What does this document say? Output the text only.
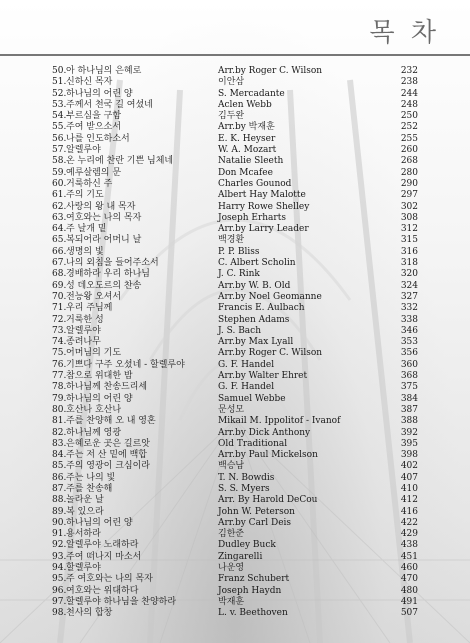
목 차
50. 아 하나님의 은혜로	Arr.by Roger C. Wilson	232
51. 신하신 목자	이안삼	238
52. 하나님의 어린 양	S. Mercadante	244
53. 주께서 천국 길 여셨네	Aclen Webb	248
54. 부르심을 구함	김두완	250
55. 주여 받으소서	Arr.by 박재훈	252
56. 나를 인도하소서	E. K. Heyser	255
57. 알렐루야	W. A. Mozart	260
58. 온 누리에 찬란 기쁜 님체네	Natalie Sleeth	268
59. 예루살렘의 문	Don Mcafee	280
60. 거룩하신 주	Charles Gounod	290
61. 주의 기도	Albert Hay Malotte	297
62. 사랑의 왕 내 목자	Harry Rowe Shelley	302
63. 여호와는 나의 목자	Joseph Erharts	308
64. 주 날개 밑	Arr.by Larry Leader	312
65. 복되어라 어머니 날	백경환	315
66. 생명의 빛	P. P. Bliss	316
67. 나의 외침을 들어주소서	C. Albert Scholin	318
68. 경배하라 우리 하나님	J. C. Rink	320
69. 성 데오도르의 찬송	Arr.by W. B. Old	324
70. 전능왕 오셔서	Arr.by Noel Geomanne	327
71. 우리 주님께	Francis E. Aulbach	332
72. 거룩한 성	Stephen Adams	338
73. 알렐루야	J. S. Bach	346
74. 종려나무	Arr.by Max Lyall	353
75. 어머님의 기도	Arr.by Roger C. Wilson	356
76. 기쁘다 구주 오셨네 - 할렐루야	G. F. Handel	360
77. 참으로 위대한 밤	Arr.by Walter Ehret	368
78. 하나님께 찬송드리세	G. F. Handel	375
79. 하나님의 어린 양	Samuel Webbe	384
80. 호산나 호산나	문성모	387
81. 주를 찬양해 오 내 영혼	Mikail M. Ippolitof - Ivanof	388
82. 하나님께 영광	Arr.by Dick Anthony	392
83. 은혜로운 곳은 길르앗	Old Traditional	395
84. 주는 저 산 밑에 백합	Arr.by Paul Mickelson	398
85. 주의 영광이 크심이라	백승남	402
86. 주는 나의 빛	T. N. Bowdis	407
87. 주를 찬송해	S. S. Myers	410
88. 놀라운 날	Arr. By Harold DeCou	412
89. 복 있으라	John W. Peterson	416
90. 하나님의 어린 양	Arr.by Carl Deis	422
91. 용서하라	김한준	429
92. 알렐루야 노래하라	Dudley Buck	438
93. 주여 떠나지 마소서	Zingarelli	451
94. 할렐루야	나운영	460
95. 주 여호와는 나의 목자	Franz Schubert	470
96. 여호와는 위대하다	Joseph Haydn	480
97. 할렐루야 하나님을 찬양하라	박재훈	491
98. 천사의 합창	L. v. Beethoven	507
